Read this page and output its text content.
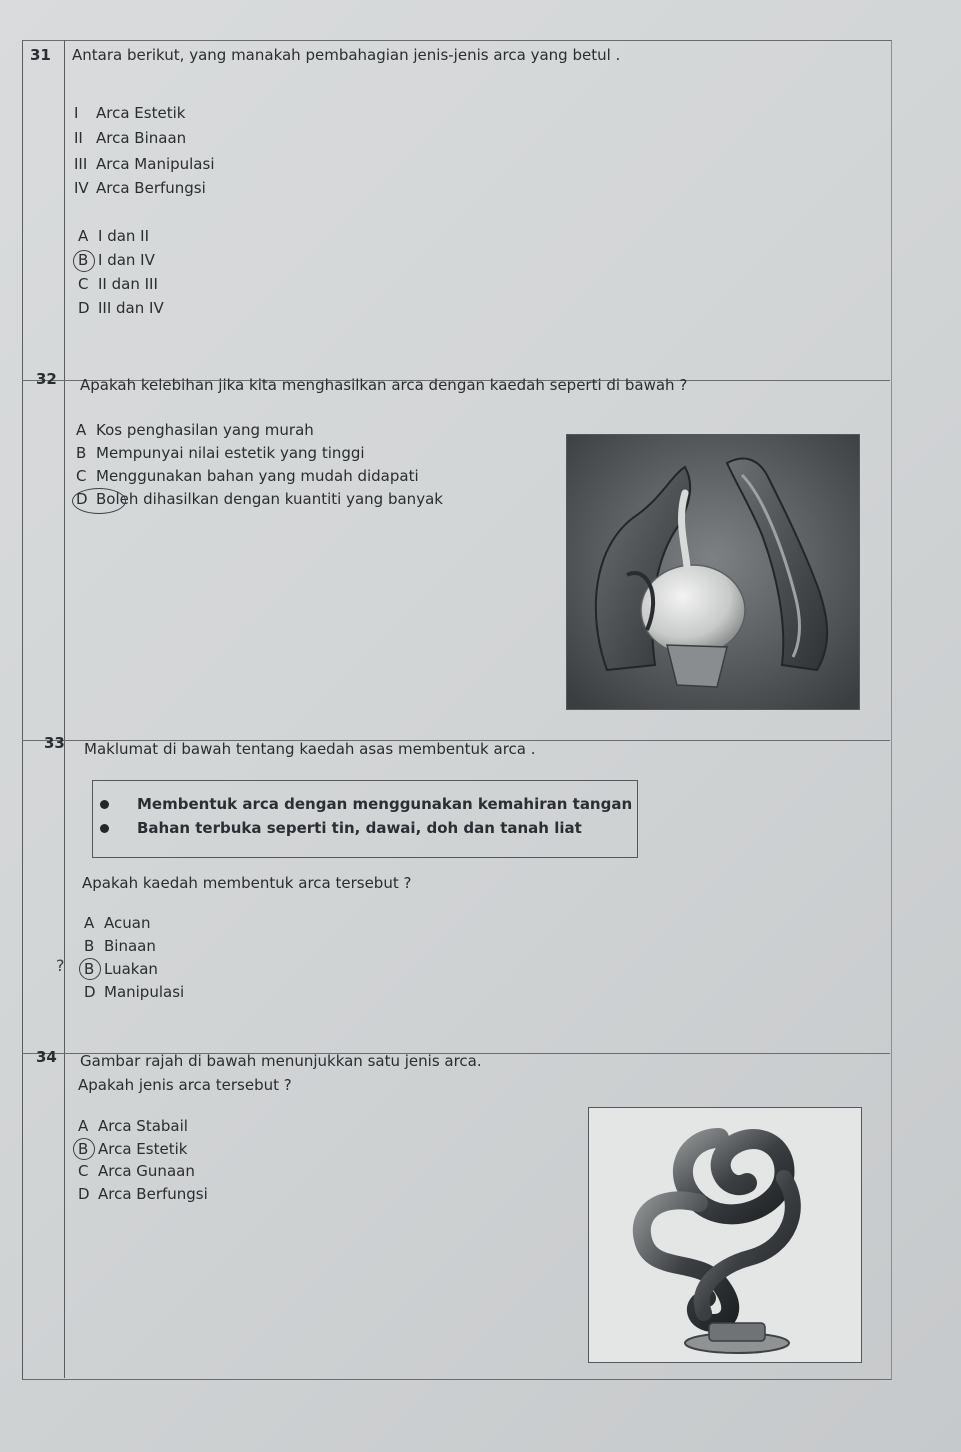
31 Antara berikut, yang manakah pembahagian jenis-jenis arca yang betul .
I Arca Estetik
II Arca Binaan
III Arca Manipulasi
IV Arca Berfungsi
A I dan II
B I dan IV
C II dan III
D III dan IV
32 Apakah kelebihan jika kita menghasilkan arca dengan kaedah seperti di bawah ?
A Kos penghasilan yang murah
B Mempunyai nilai estetik yang tinggi
C Menggunakan bahan yang mudah didapati
D Boleh dihasilkan dengan kuantiti yang banyak
33 Maklumat di bawah tentang kaedah asas membentuk arca .
Membentuk arca dengan menggunakan kemahiran tangan
Bahan terbuka seperti tin, dawai, doh dan tanah liat
Apakah kaedah membentuk arca tersebut ?
A Acuan
B Binaan
B Luakan
?
D Manipulasi
34 Gambar rajah di bawah menunjukkan satu jenis arca.
Apakah jenis arca tersebut ?
A Arca Stabail
B Arca Estetik
C Arca Gunaan
D Arca Berfungsi
